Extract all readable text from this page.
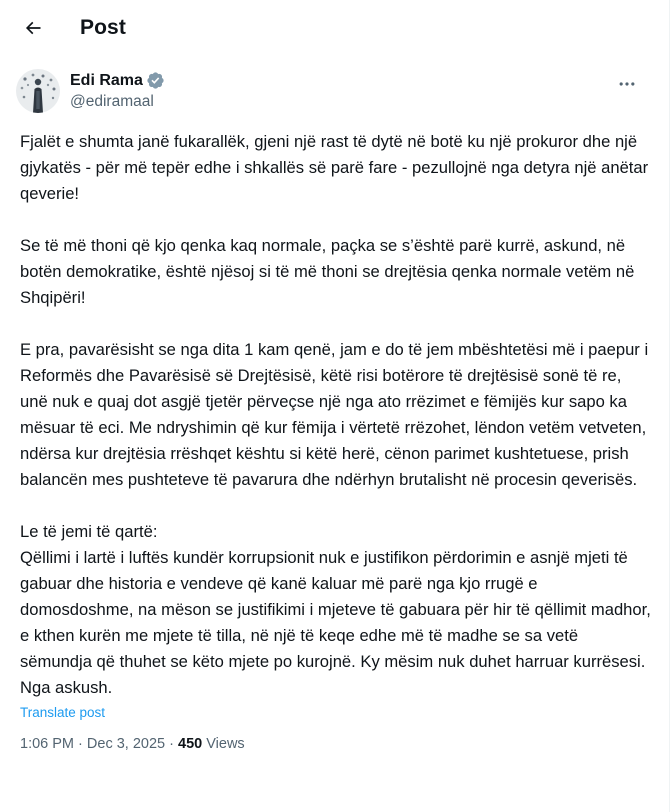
Post
Edi Rama
@ediramaal

Fjalët e shumta janë fukarallëk, gjeni një rast të dytë në botë ku një prokuror dhe një gjykatës - për më tepër edhe i shkallës së parë fare - pezullojnë nga detyra një anëtar qeverie!

Se të më thoni që kjo qenka kaq normale, paçka se s’është parë kurrë, askund, në botën demokratike, është njësoj si të më thoni se drejtësia qenka normale vetëm në Shqipëri!

E pra, pavarësisht se nga dita 1 kam qenë, jam e do të jem mbështetësi më i paepur i Reformës dhe Pavarësisë së Drejtësisë, këtë risi botërore të drejtësisë sonë të re, unë nuk e quaj dot asgjë tjetër përveçse një nga ato rrëzimet e fëmijës kur sapo ka mësuar të eci. Me ndryshimin që kur fëmija i vërtetë rrëzohet, lëndon vetëm vetveten, ndërsa kur drejtësia rrëshqet kështu si këtë herë, cënon parimet kushtetuese, prish balancën mes pushteteve të pavarura dhe ndërhyn brutalisht në procesin qeverisës.

Le të jemi të qartë:

Qëllimi i lartë i luftës kundër korrupsionit nuk e justifikon përdorimin e asnjë mjeti të gabuar dhe historia e vendeve që kanë kaluar më parë nga kjo rrugë e domosdoshme, na mëson se justifikimi i mjeteve të gabuara për hir të qëllimit madhor, e kthen kurën me mjete të tilla, në një të keqe edhe më të madhe se sa vetë sëmundja që thuhet se këto mjete po kurojnë. Ky mësim nuk duhet harruar kurrësesi. Nga askush.

Translate post
1:06 PM · Dec 3, 2025 · 450 Views
